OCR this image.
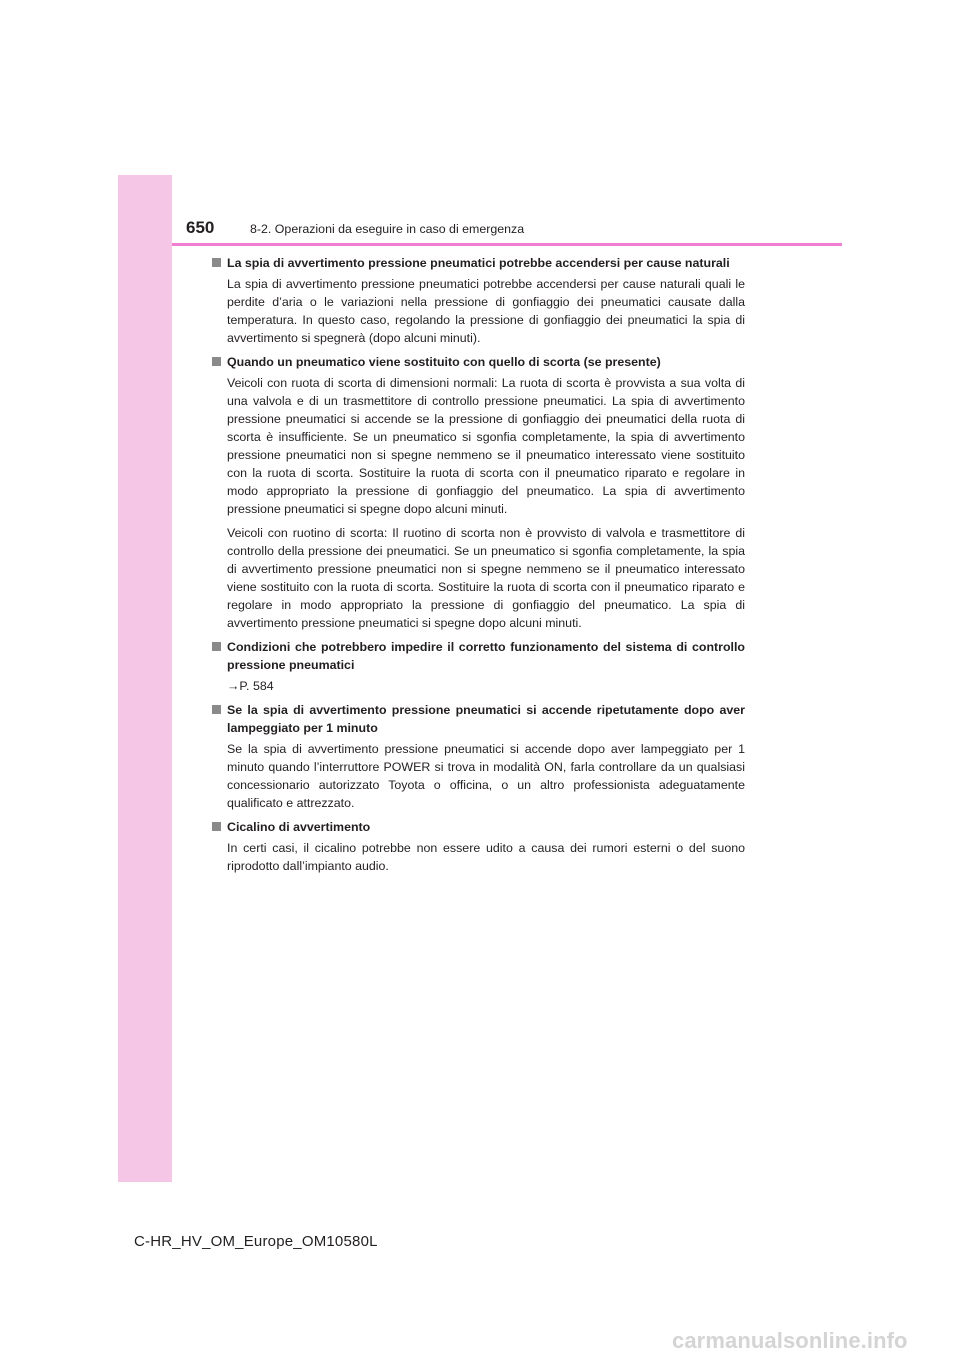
650	8-2. Operazioni da eseguire in caso di emergenza
La spia di avvertimento pressione pneumatici potrebbe accendersi per cause naturali

La spia di avvertimento pressione pneumatici potrebbe accendersi per cause naturali quali le perdite d’aria o le variazioni nella pressione di gonfiaggio dei pneumatici causate dalla temperatura. In questo caso, regolando la pressione di gonfiaggio dei pneumatici la spia di avvertimento si spegnerà (dopo alcuni minuti).

Quando un pneumatico viene sostituito con quello di scorta (se presente)

Veicoli con ruota di scorta di dimensioni normali: La ruota di scorta è provvista a sua volta di una valvola e di un trasmettitore di controllo pressione pneumatici. La spia di avvertimento pressione pneumatici si accende se la pressione di gonfiaggio dei pneumatici della ruota di scorta è insufficiente. Se un pneumatico si sgonfia completamente, la spia di avvertimento pressione pneumatici non si spegne nemmeno se il pneumatico interessato viene sostituito con la ruota di scorta. Sostituire la ruota di scorta con il pneumatico riparato e regolare in modo appropriato la pressione di gonfiaggio del pneumatico. La spia di avvertimento pressione pneumatici si spegne dopo alcuni minuti.

Veicoli con ruotino di scorta: Il ruotino di scorta non è provvisto di valvola e trasmettitore di controllo della pressione dei pneumatici. Se un pneumatico si sgonfia completamente, la spia di avvertimento pressione pneumatici non si spegne nemmeno se il pneumatico interessato viene sostituito con la ruota di scorta. Sostituire la ruota di scorta con il pneumatico riparato e regolare in modo appropriato la pressione di gonfiaggio del pneumatico. La spia di avvertimento pressione pneumatici si spegne dopo alcuni minuti.

Condizioni che potrebbero impedire il corretto funzionamento del sistema di controllo pressione pneumatici

→P. 584

Se la spia di avvertimento pressione pneumatici si accende ripetutamente dopo aver lampeggiato per 1 minuto

Se la spia di avvertimento pressione pneumatici si accende dopo aver lampeggiato per 1 minuto quando l’interruttore POWER si trova in modalità ON, farla controllare da un qualsiasi concessionario autorizzato Toyota o officina, o un altro professionista adeguatamente qualificato e attrezzato.

Cicalino di avvertimento

In certi casi, il cicalino potrebbe non essere udito a causa dei rumori esterni o del suono riprodotto dall’impianto audio.

C-HR_HV_OM_Europe_OM10580L
carmanualsonline.info
